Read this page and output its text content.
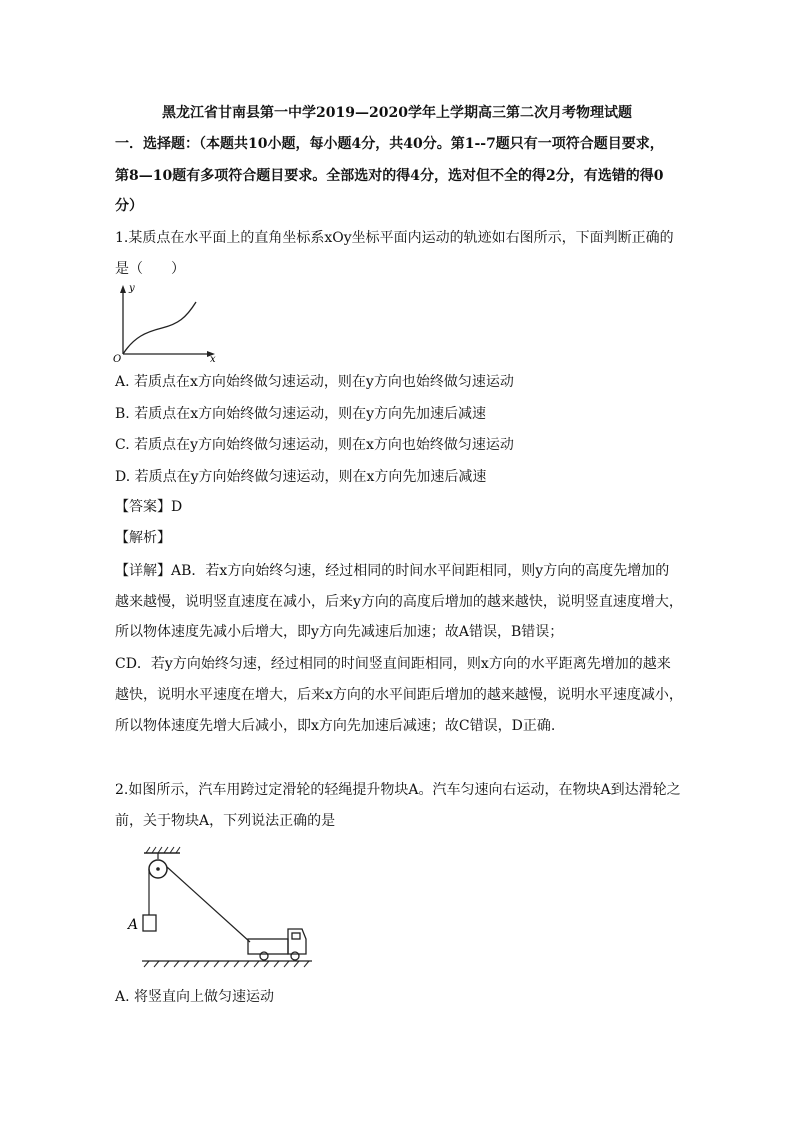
黑龙江省甘南县第一中学2019—2020学年上学期高三第二次月考物理试题
一．选择题：（本题共10小题，每小题4分，共40分。第1--7题只有一项符合题目要求，
第8—10题有多项符合题目要求。全部选对的得4分，选对但不全的得2分，有选错的得0
分）
1.某质点在水平面上的直角坐标系xOy坐标平面内运动的轨迹如右图所示，下面判断正确的
是（　　）
y
x
O
A. 若质点在x方向始终做匀速运动，则在y方向也始终做匀速运动
B. 若质点在x方向始终做匀速运动，则在y方向先加速后减速
C. 若质点在y方向始终做匀速运动，则在x方向也始终做匀速运动
D. 若质点在y方向始终做匀速运动，则在x方向先加速后减速
【答案】D
【解析】
【详解】AB．若x方向始终匀速，经过相同的时间水平间距相同，则y方向的高度先增加的
越来越慢，说明竖直速度在减小，后来y方向的高度后增加的越来越快，说明竖直速度增大，
所以物体速度先减小后增大，即y方向先减速后加速；故A错误，B错误；
CD．若y方向始终匀速，经过相同的时间竖直间距相同，则x方向的水平距离先增加的越来
越快，说明水平速度在增大，后来x方向的水平间距后增加的越来越慢，说明水平速度减小，
所以物体速度先增大后减小，即x方向先加速后减速；故C错误，D正确.
2.如图所示，汽车用跨过定滑轮的轻绳提升物块A。汽车匀速向右运动，在物块A到达滑轮之
前，关于物块A，下列说法正确的是
A
A. 将竖直向上做匀速运动
